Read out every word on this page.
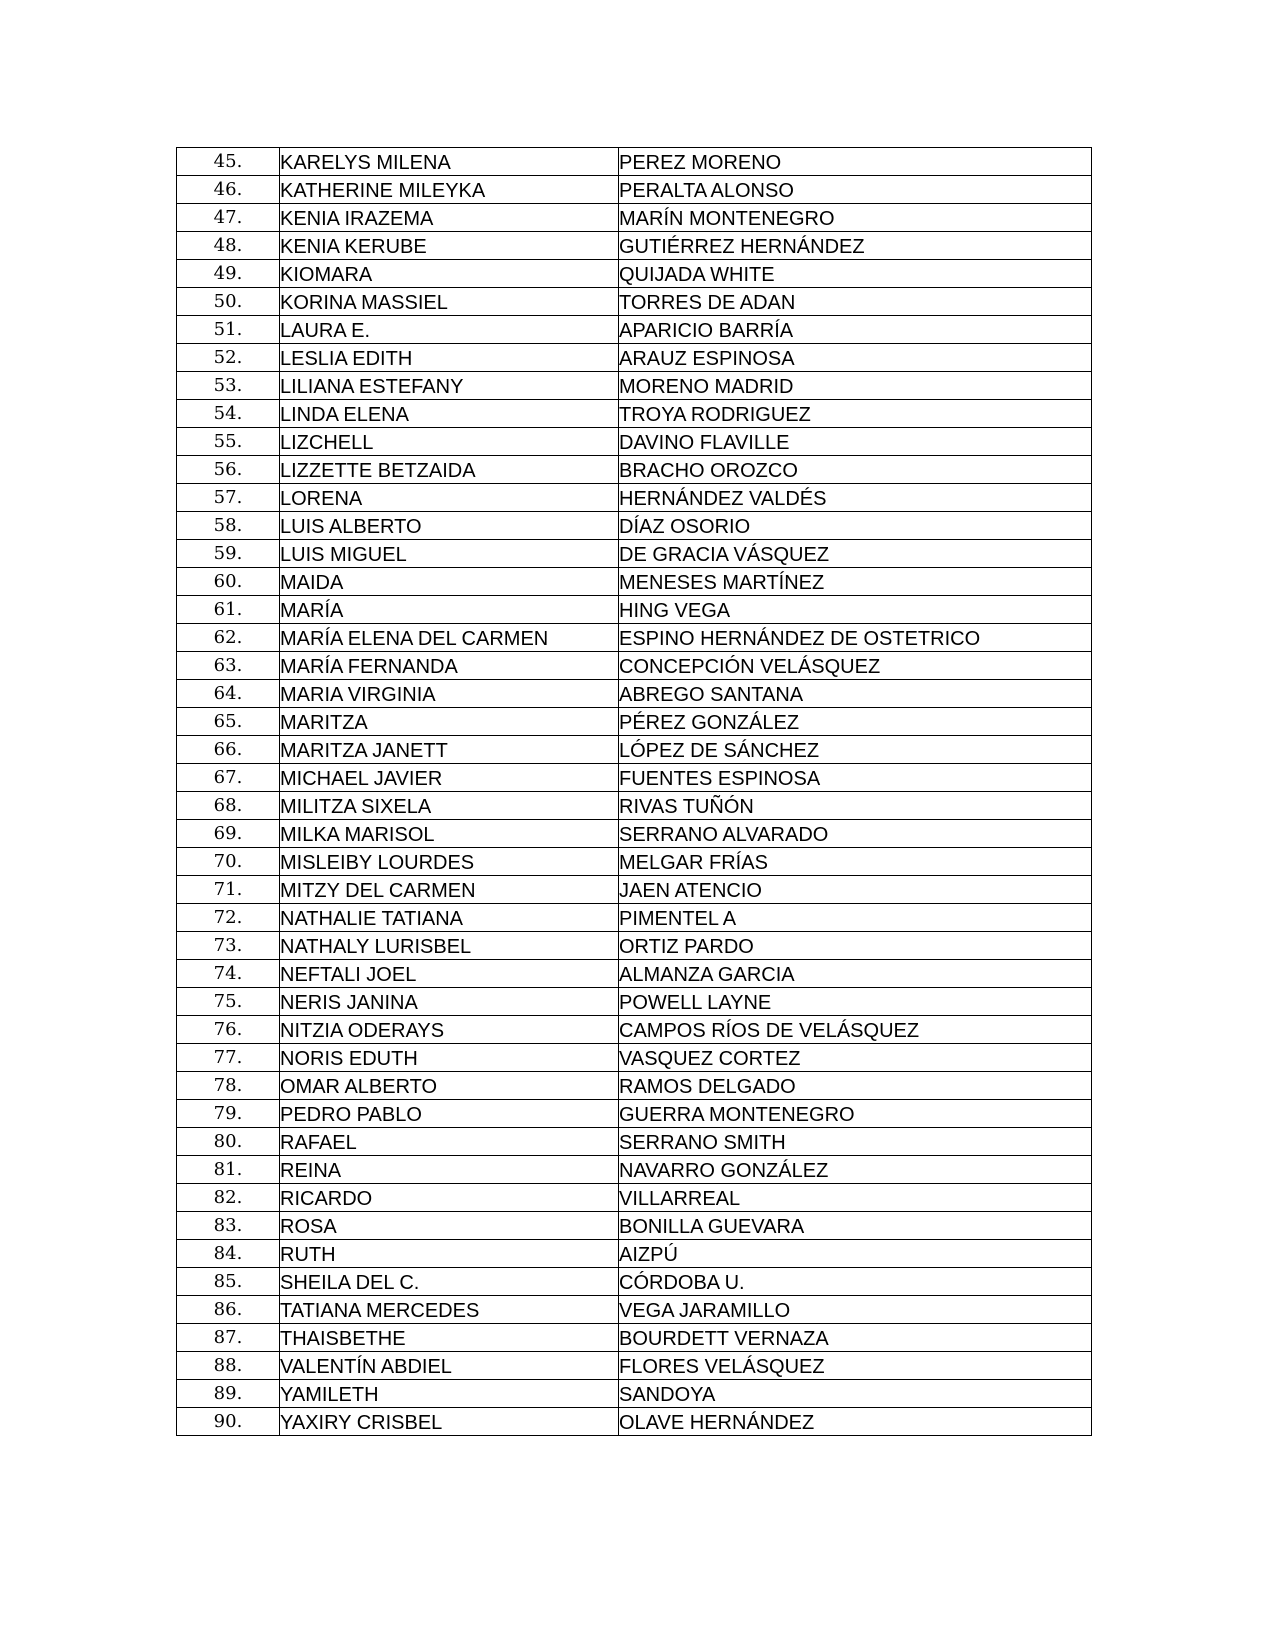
45.	KARELYS MILENA	PEREZ MORENO
46.	KATHERINE MILEYKA	PERALTA ALONSO
47.	KENIA IRAZEMA	MARÍN MONTENEGRO
48.	KENIA KERUBE	GUTIÉRREZ HERNÁNDEZ
49.	KIOMARA	QUIJADA WHITE
50.	KORINA MASSIEL	TORRES DE ADAN
51.	LAURA E.	APARICIO BARRÍA
52.	LESLIA EDITH	ARAUZ ESPINOSA
53.	LILIANA ESTEFANY	MORENO MADRID
54.	LINDA ELENA	TROYA RODRIGUEZ
55.	LIZCHELL	DAVINO FLAVILLE
56.	LIZZETTE BETZAIDA	BRACHO OROZCO
57.	LORENA	HERNÁNDEZ VALDÉS
58.	LUIS ALBERTO	DÍAZ OSORIO
59.	LUIS MIGUEL	DE GRACIA VÁSQUEZ
60.	MAIDA	MENESES MARTÍNEZ
61.	MARÍA	HING VEGA
62.	MARÍA ELENA DEL CARMEN	ESPINO HERNÁNDEZ DE OSTETRICO
63.	MARÍA FERNANDA	CONCEPCIÓN VELÁSQUEZ
64.	MARIA VIRGINIA	ABREGO SANTANA
65.	MARITZA	PÉREZ GONZÁLEZ
66.	MARITZA JANETT	LÓPEZ DE SÁNCHEZ
67.	MICHAEL JAVIER	FUENTES ESPINOSA
68.	MILITZA SIXELA	RIVAS TUÑÓN
69.	MILKA MARISOL	SERRANO ALVARADO
70.	MISLEIBY LOURDES	MELGAR FRÍAS
71.	MITZY DEL CARMEN	JAEN ATENCIO
72.	NATHALIE TATIANA	PIMENTEL A
73.	NATHALY LURISBEL	ORTIZ PARDO
74.	NEFTALI JOEL	ALMANZA GARCIA
75.	NERIS JANINA	POWELL LAYNE
76.	NITZIA ODERAYS	CAMPOS RÍOS DE VELÁSQUEZ
77.	NORIS EDUTH	VASQUEZ CORTEZ
78.	OMAR ALBERTO	RAMOS DELGADO
79.	PEDRO PABLO	GUERRA MONTENEGRO
80.	RAFAEL	SERRANO SMITH
81.	REINA	NAVARRO GONZÁLEZ
82.	RICARDO	VILLARREAL
83.	ROSA	BONILLA GUEVARA
84.	RUTH	AIZPÚ
85.	SHEILA DEL C.	CÓRDOBA U.
86.	TATIANA MERCEDES	VEGA JARAMILLO
87.	THAISBETHE	BOURDETT VERNAZA
88.	VALENTÍN ABDIEL	FLORES VELÁSQUEZ
89.	YAMILETH	SANDOYA
90.	YAXIRY CRISBEL	OLAVE HERNÁNDEZ
